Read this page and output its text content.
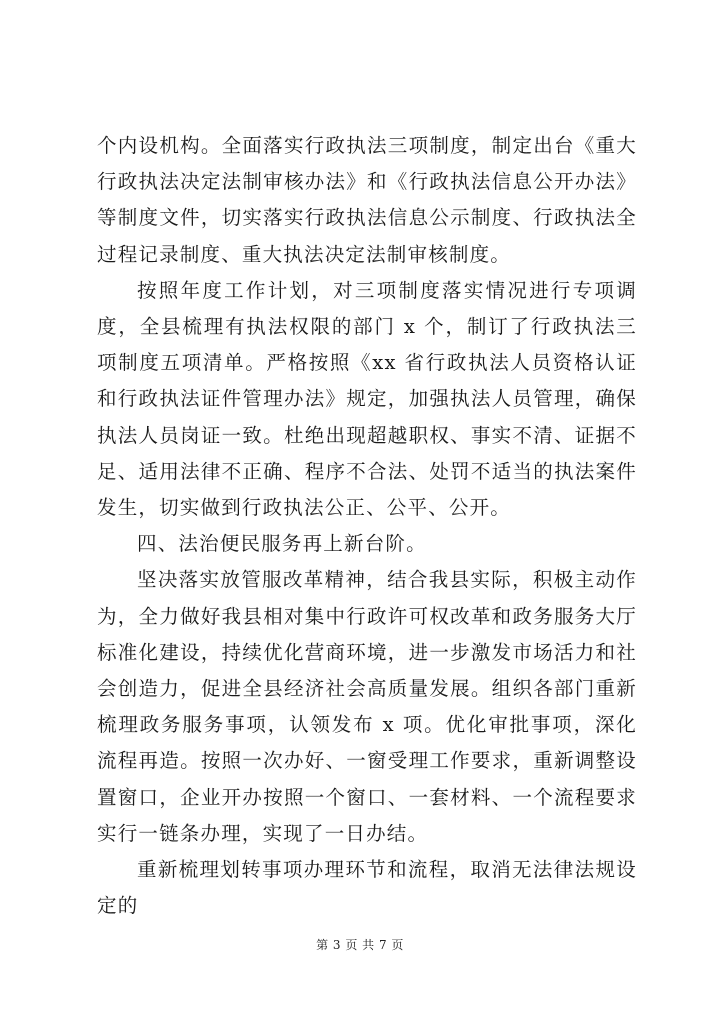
个内设机构。全面落实行政执法三项制度，制定出台《重大行政执法决定法制审核办法》和《行政执法信息公开办法》等制度文件，切实落实行政执法信息公示制度、行政执法全过程记录制度、重大执法决定法制审核制度。

按照年度工作计划，对三项制度落实情况进行专项调度，全县梳理有执法权限的部门 x 个，制订了行政执法三项制度五项清单。严格按照《xx 省行政执法人员资格认证和行政执法证件管理办法》规定，加强执法人员管理，确保执法人员岗证一致。杜绝出现超越职权、事实不清、证据不足、适用法律不正确、程序不合法、处罚不适当的执法案件发生，切实做到行政执法公正、公平、公开。

四、法治便民服务再上新台阶。

坚决落实放管服改革精神，结合我县实际，积极主动作为，全力做好我县相对集中行政许可权改革和政务服务大厅标准化建设，持续优化营商环境，进一步激发市场活力和社会创造力，促进全县经济社会高质量发展。组织各部门重新梳理政务服务事项，认领发布 x 项。优化审批事项，深化流程再造。按照一次办好、一窗受理工作要求，重新调整设置窗口，企业开办按照一个窗口、一套材料、一个流程要求实行一链条办理，实现了一日办结。

重新梳理划转事项办理环节和流程，取消无法律法规设定的

第 3 页 共 7 页
